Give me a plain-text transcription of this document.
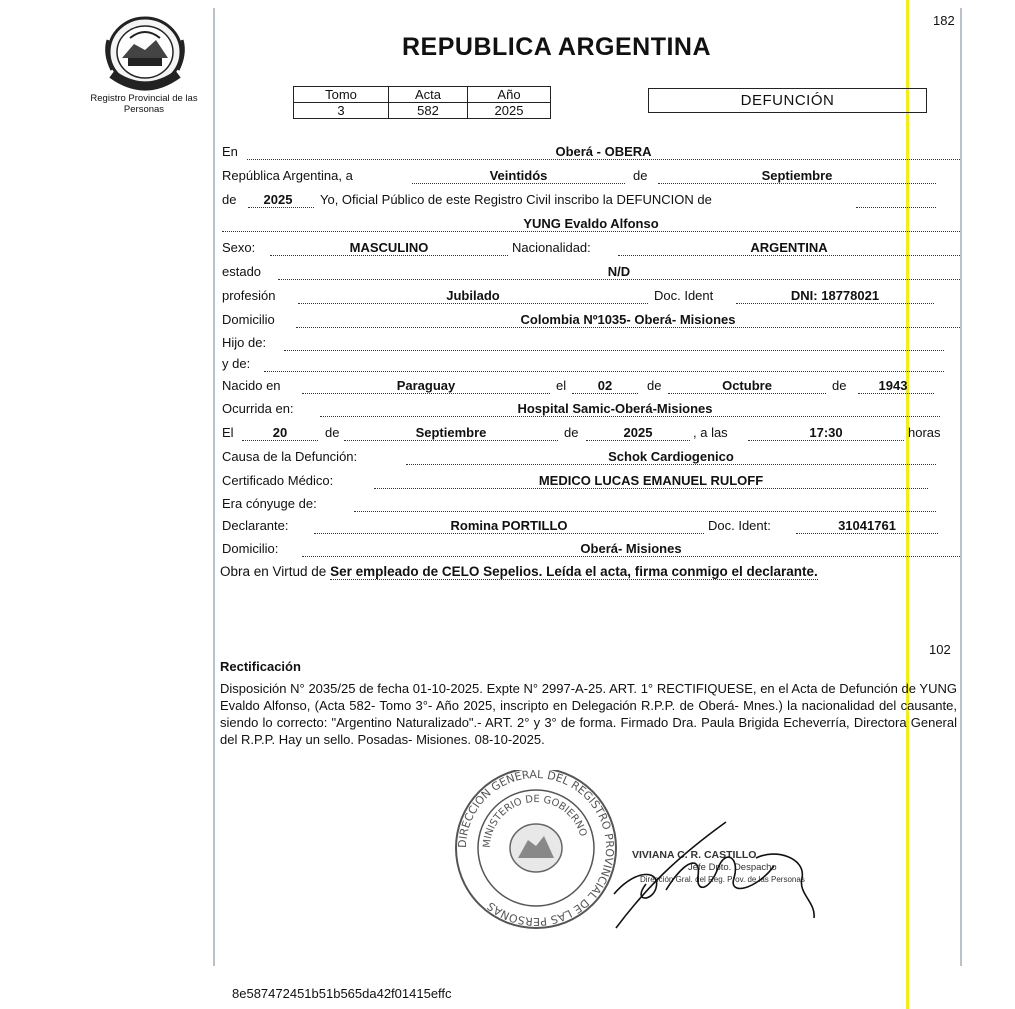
182
Registro Provincial de las Personas
REPUBLICA ARGENTINA
Tomo	Acta	Año
3	582	2025
DEFUNCIÓN
En	Oberá - OBERA
República Argentina, a	Veintidós	de	Septiembre
de	2025	Yo, Oficial Público de este Registro Civil inscribo la DEFUNCION de
YUNG Evaldo Alfonso
Sexo:	MASCULINO	Nacionalidad:	ARGENTINA
estado	N/D
profesión	Jubilado	Doc. Ident	DNI: 18778021
Domicilio	Colombia Nº1035- Oberá- Misiones
Hijo de:
y de:
Nacido en	Paraguay	el	02	de	Octubre	de	1943
Ocurrida en:	Hospital Samic-Oberá-Misiones
El	20	de	Septiembre	de	2025	, a las	17:30	horas
Causa de la Defunción:	Schok Cardiogenico
Certificado Médico:	MEDICO LUCAS EMANUEL RULOFF
Era cónyuge de:
Declarante:	Romina PORTILLO	Doc. Ident:	31041761
Domicilio:	Oberá- Misiones
Obra en Virtud de Ser empleado de CELO Sepelios. Leída el acta, firma conmigo el declarante.
102
Rectificación
Disposición N° 2035/25 de fecha 01-10-2025. Expte N° 2997-A-25. ART. 1° RECTIFIQUESE, en el Acta de Defunción de YUNG Evaldo Alfonso, (Acta 582- Tomo 3°- Año 2025, inscripto en Delegación R.P.P. de Oberá- Mnes.) la nacionalidad del causante, siendo lo correcto: "Argentino Naturalizado".- ART. 2° y 3° de forma. Firmado Dra. Paula Brigida Echeverría, Directora General del R.P.P. Hay un sello. Posadas- Misiones. 08-10-2025.
DIRECCION GENERAL DEL REGISTRO PROVINCIAL DE LAS PERSONAS
MINISTERIO DE GOBIERNO
VIVIANA C. R. CASTILLO
Jefe Dpto. Despacho
Dirección Gral. del Reg. Prov. de las Personas
8e587472451b51b565da42f01415effc
